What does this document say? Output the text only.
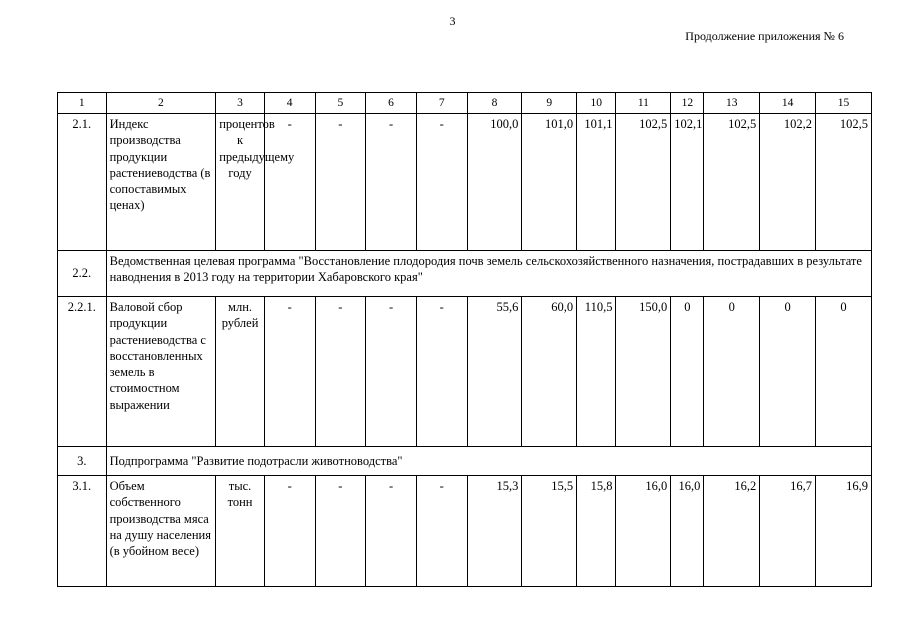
3
Продолжение приложения № 6
1	2	3	4	5	6	7	8	9	10	11	12	13	14	15
2.1.	Индекс производства продукции растениеводства (в сопоставимых ценах)	процентов к предыдущему году	-	-	-	-	100,0	101,0	101,1	102,5	102,1	102,5	102,2	102,5
2.2.	Ведомственная целевая программа "Восстановление плодородия почв земель сельскохозяйственного назначения, пострадавших в результате наводнения в 2013 году на территории Хабаровского края"													
2.2.1.	Валовой сбор продукции растениеводства с восстановленных земель в стоимостном выражении	млн. рублей	-	-	-	-	55,6	60,0	110,5	150,0	0	0	0	0
3.	Подпрограмма "Развитие подотрасли животноводства"													
3.1.	Объем собственного производства мяса на душу населения (в убойном весе)	тыс. тонн	-	-	-	-	15,3	15,5	15,8	16,0	16,0	16,2	16,7	16,9
